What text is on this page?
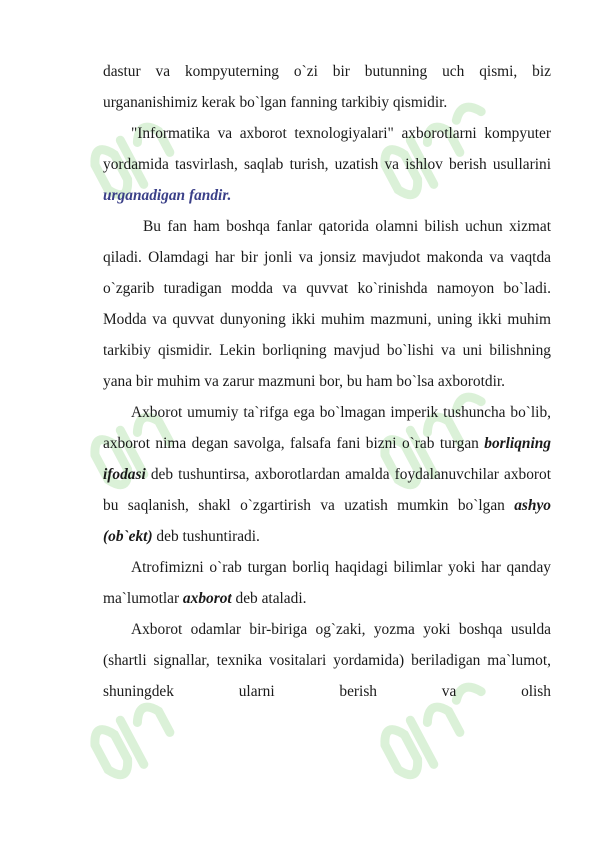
dastur va kompyuterning o`zi bir butunning uch qismi, biz urgananishimiz kerak bo`lgan fanning tarkibiy qismidir.

"Informatika va axborot texnologiyalari" axborotlarni kompyuter yordamida tasvirlash, saqlab turish, uzatish va ishlov berish usullarini urganadigan fandir.

Bu fan ham boshqa fanlar qatorida olamni bilish uchun xizmat qiladi. Olamdagi har bir jonli va jonsiz mavjudot makonda va vaqtda o`zgarib turadigan modda va quvvat ko`rinishda namoyon bo`ladi. Modda va quvvat dunyoning ikki muhim mazmuni, uning ikki muhim tarkibiy qismidir. Lekin borliqning mavjud bo`lishi va uni bilishning yana bir muhim va zarur mazmuni bor, bu ham bo`lsa axborotdir.

Axborot umumiy ta`rifga ega bo`lmagan imperik tushuncha bo`lib, axborot nima degan savolga, falsafa fani bizni o`rab turgan borliqning ifodasi deb tushuntirsa, axborotlardan amalda foydalanuvchilar axborot bu saqlanish, shakl o`zgartirish va uzatish mumkin bo`lgan ashyo (ob`ekt) deb tushuntiradi.

Atrofimizni o`rab turgan borliq haqidagi bilimlar yoki har qanday ma`lumotlar axborot deb ataladi.

Axborot odamlar bir-biriga og`zaki, yozma yoki boshqa usulda (shartli signallar, texnika vositalari yordamida) beriladigan ma`lumot, shuningdek ularni berish va olish
